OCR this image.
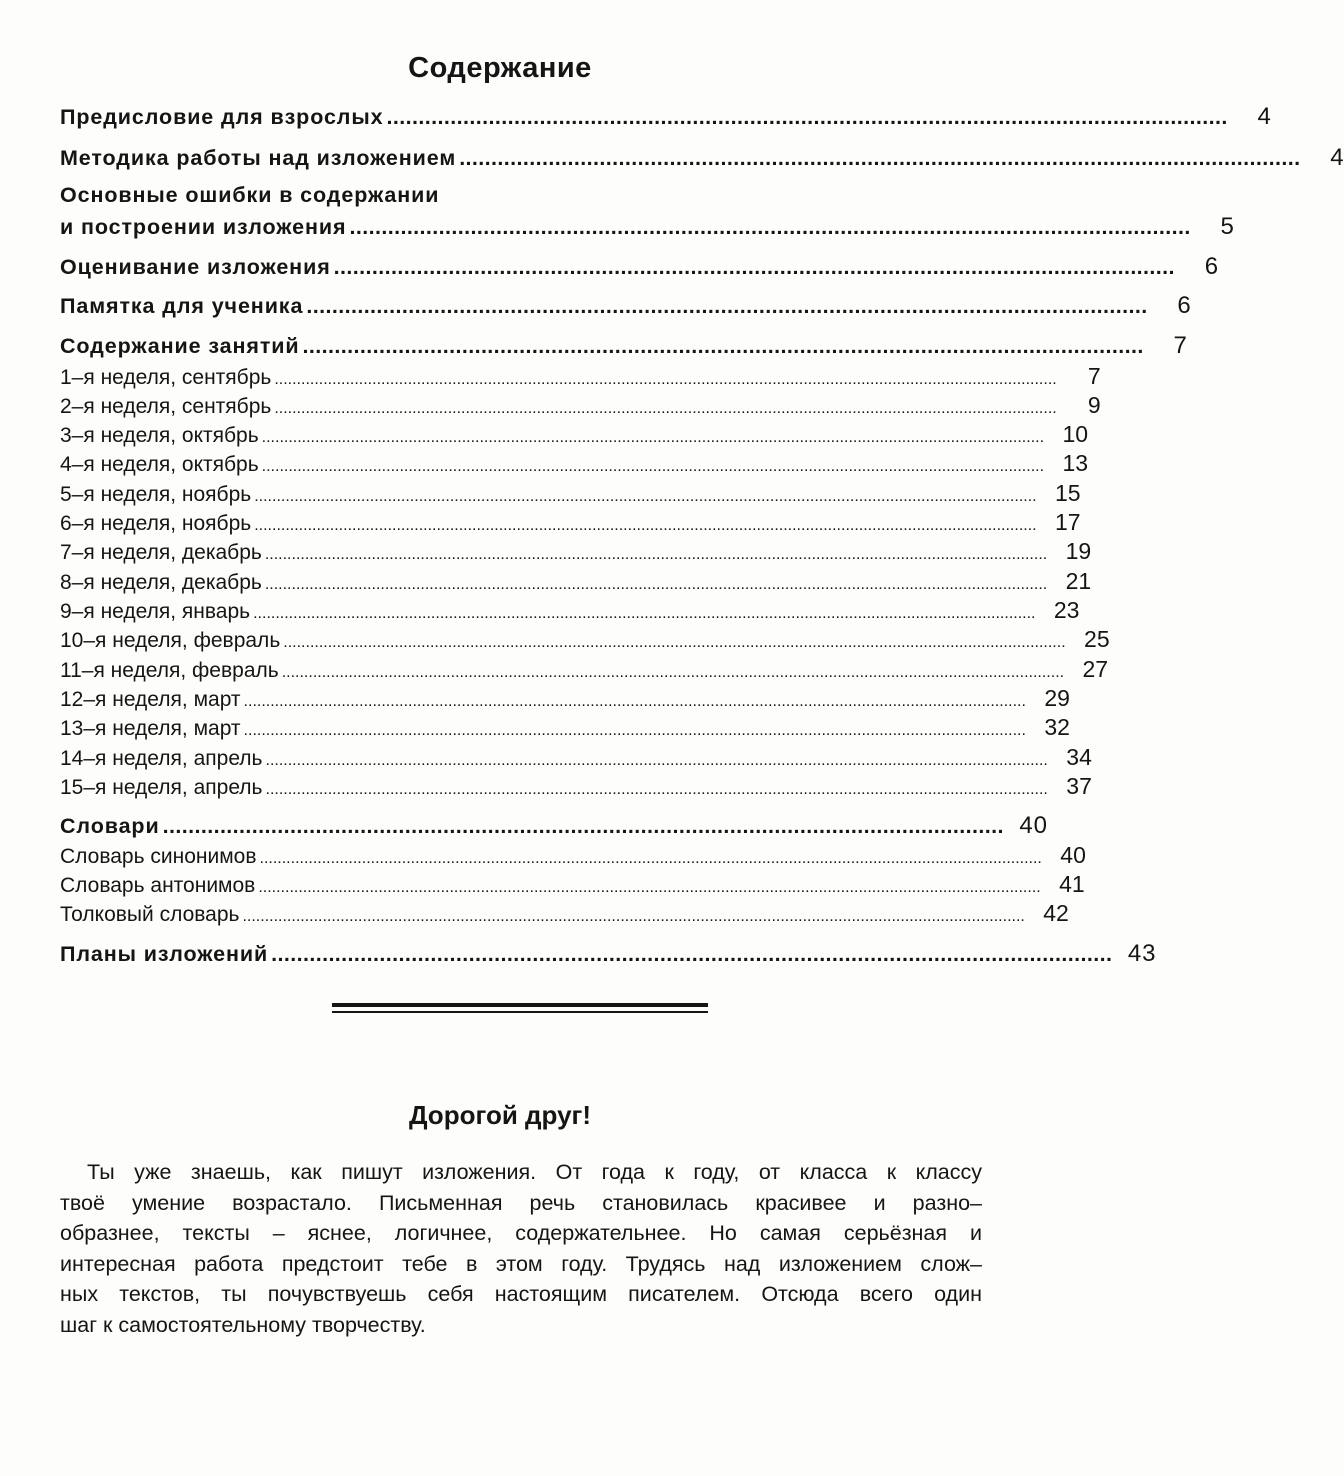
Содержание
Предисловие для взрослых ....................................................................................................................................	4
Методика работы над изложением ....................................................................................................................................	4
Основные ошибки в содержании
и построении изложения ....................................................................................................................................	5
Оценивание изложения ....................................................................................................................................	6
Памятка для ученика ....................................................................................................................................	6
Содержание занятий ....................................................................................................................................	7
1–я неделя, сентябрь ................................................................................................................................................................................	7
2–я неделя, сентябрь ................................................................................................................................................................................	9
3–я неделя, октябрь ................................................................................................................................................................................ 10
4–я неделя, октябрь ................................................................................................................................................................................ 13
5–я неделя, ноябрь ................................................................................................................................................................................ 15
6–я неделя, ноябрь ................................................................................................................................................................................ 17
7–я неделя, декабрь ................................................................................................................................................................................ 19
8–я неделя, декабрь ................................................................................................................................................................................ 21
9–я неделя, январь ................................................................................................................................................................................ 23
10–я неделя, февраль ................................................................................................................................................................................ 25
11–я неделя, февраль ................................................................................................................................................................................ 27
12–я неделя, март ................................................................................................................................................................................ 29
13–я неделя, март ................................................................................................................................................................................ 32
14–я неделя, апрель ................................................................................................................................................................................ 34
15–я неделя, апрель ................................................................................................................................................................................ 37
Словари .................................................................................................................................... 40
Словарь синонимов ................................................................................................................................................................................ 40
Словарь антонимов ................................................................................................................................................................................ 41
Толковый словарь ................................................................................................................................................................................ 42
Планы изложений .................................................................................................................................... 43
Дорогой друг!
Ты уже знаешь, как пишут изложения. От года к году, от класса к классу
твоё умение возрастало. Письменная речь становилась красивее и разно–
образнее, тексты – яснее, логичнее, содержательнее. Но самая серьёзная и
интересная работа предстоит тебе в этом году. Трудясь над изложением слож–
ных текстов, ты почувствуешь себя настоящим писателем. Отсюда всего один
шаг к самостоятельному творчеству.
